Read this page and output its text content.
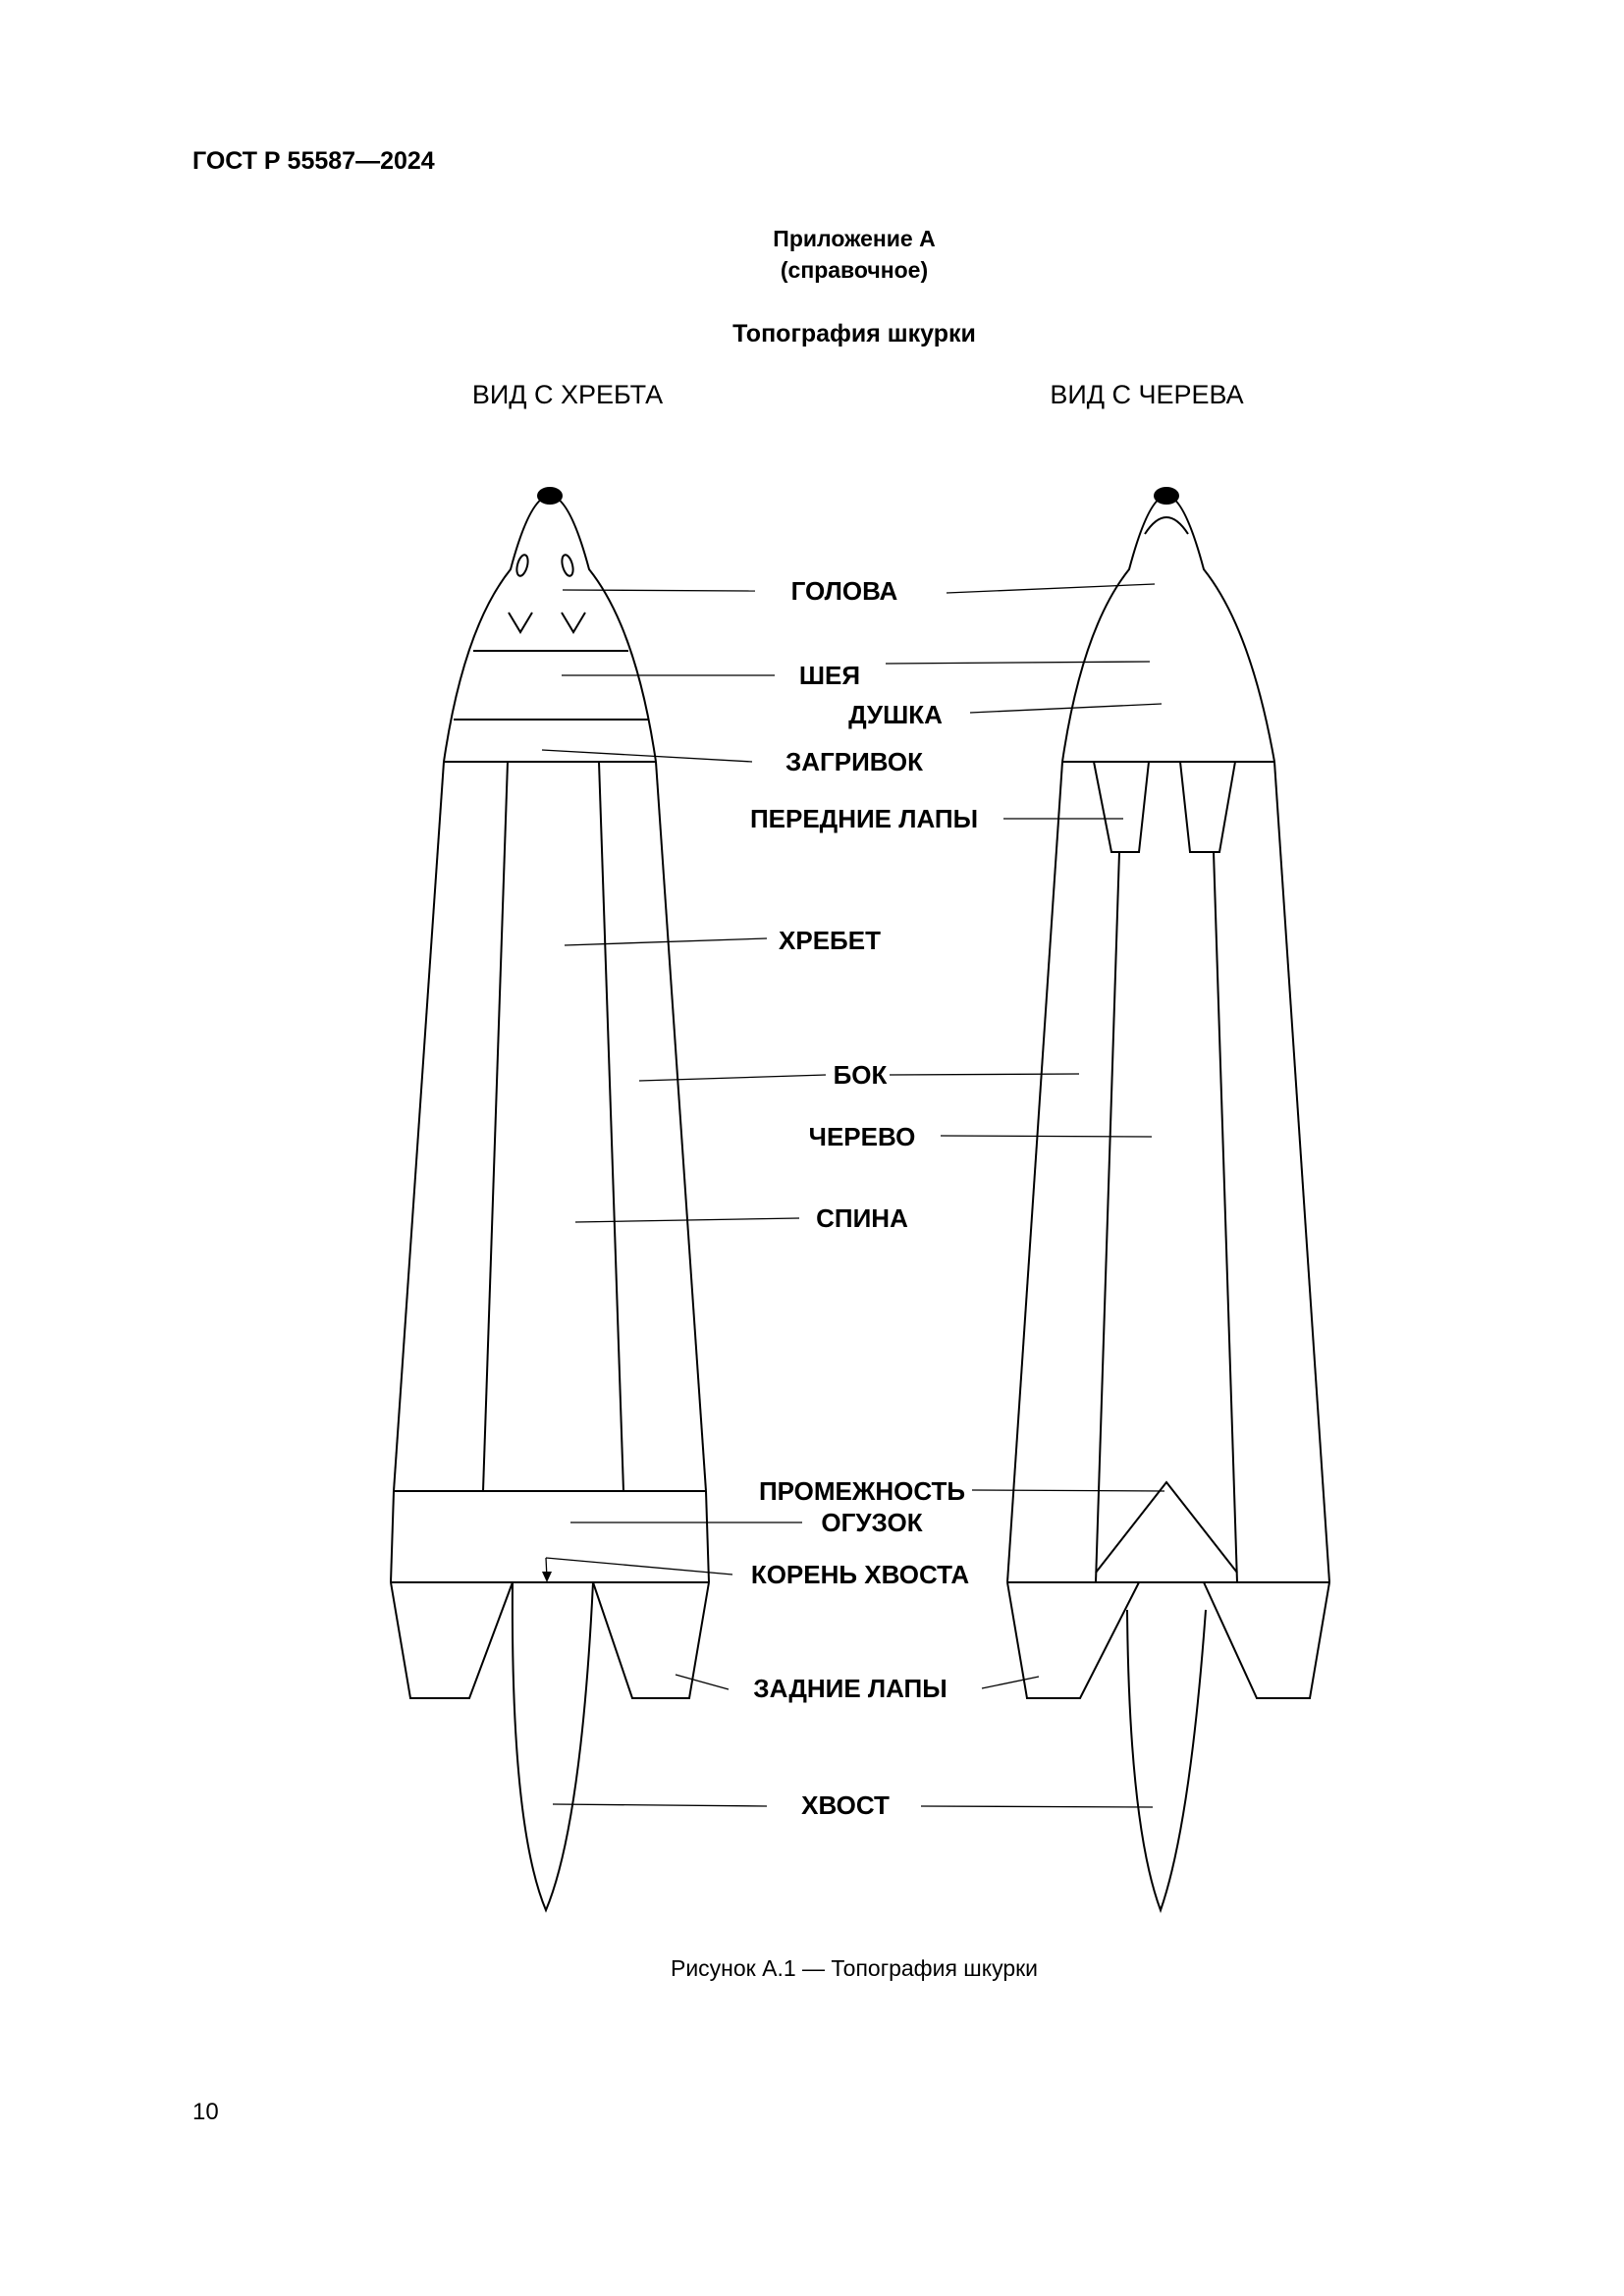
ГОСТ Р 55587—2024
Приложение А
(справочное)
Топография шкурки
ВИД С ХРЕБТА	ВИД С ЧЕРЕВА
ГОЛОВА
ШЕЯ
ДУШКА
ЗАГРИВОК
ПЕРЕДНИЕ ЛАПЫ
ХРЕБЕТ
БОК
ЧЕРЕВО
СПИНА
ПРОМЕЖНОСТЬ
ОГУЗОК
КОРЕНЬ ХВОСТА
ЗАДНИЕ ЛАПЫ
ХВОСТ
Рисунок А.1 — Топография шкурки
10
